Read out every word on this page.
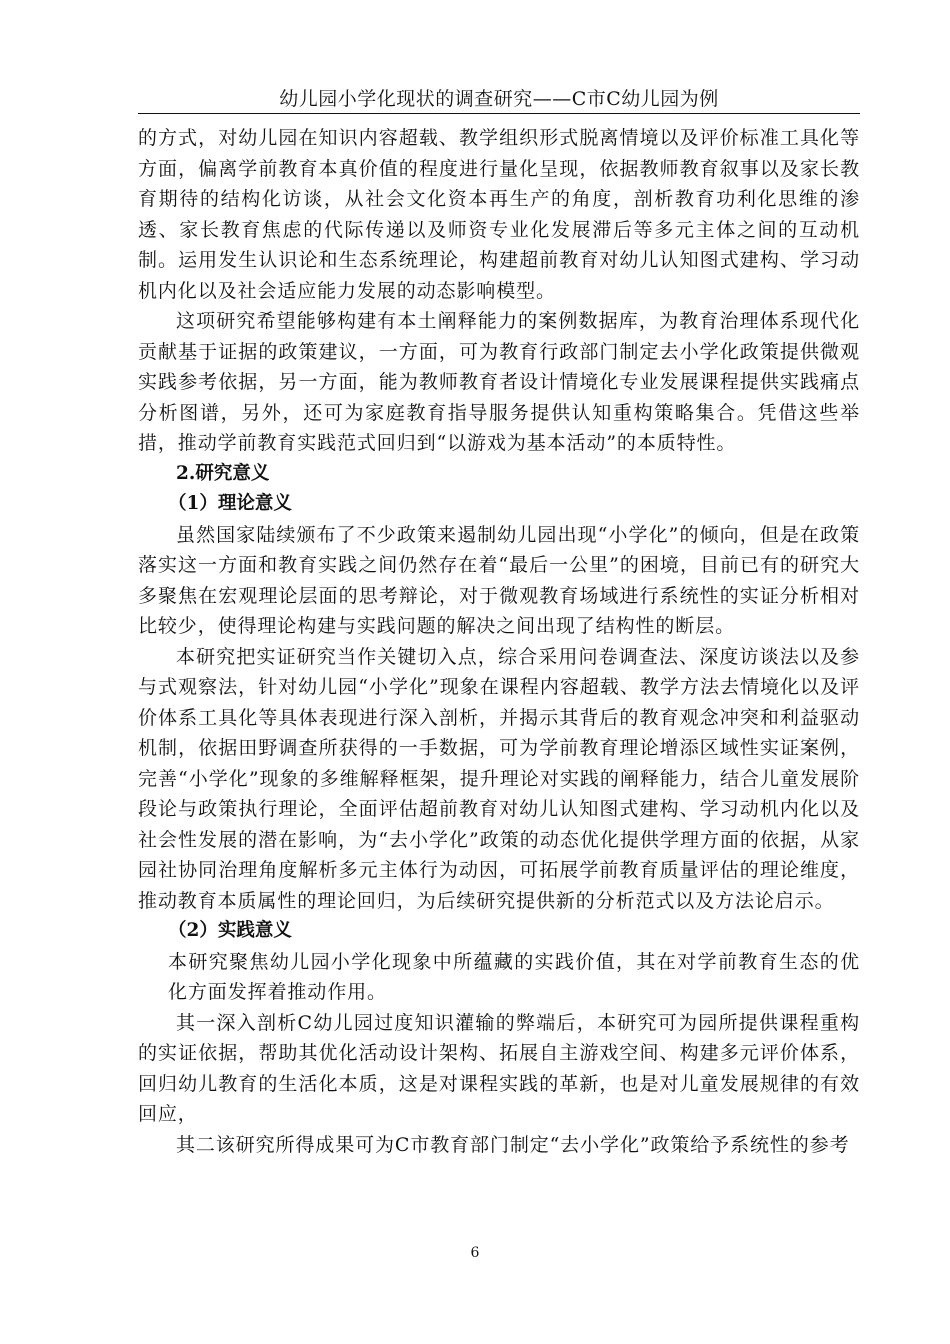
幼儿园小学化现状的调查研究——C市C幼儿园为例

的方式，对幼儿园在知识内容超载、教学组织形式脱离情境以及评价标准工具化等方面，偏离学前教育本真价值的程度进行量化呈现，依据教师教育叙事以及家长教育期待的结构化访谈，从社会文化资本再生产的角度，剖析教育功利化思维的渗透、家长教育焦虑的代际传递以及师资专业化发展滞后等多元主体之间的互动机制。运用发生认识论和生态系统理论，构建超前教育对幼儿认知图式建构、学习动机内化以及社会适应能力发展的动态影响模型。

这项研究希望能够构建有本土阐释能力的案例数据库，为教育治理体系现代化贡献基于证据的政策建议，一方面，可为教育行政部门制定去小学化政策提供微观实践参考依据，另一方面，能为教师教育者设计情境化专业发展课程提供实践痛点分析图谱，另外，还可为家庭教育指导服务提供认知重构策略集合。凭借这些举措，推动学前教育实践范式回归到“以游戏为基本活动”的本质特性。

2.研究意义

（1）理论意义

虽然国家陆续颁布了不少政策来遏制幼儿园出现“小学化”的倾向，但是在政策落实这一方面和教育实践之间仍然存在着“最后一公里”的困境，目前已有的研究大多聚焦在宏观理论层面的思考辩论，对于微观教育场域进行系统性的实证分析相对比较少，使得理论构建与实践问题的解决之间出现了结构性的断层。

本研究把实证研究当作关键切入点，综合采用问卷调查法、深度访谈法以及参与式观察法，针对幼儿园“小学化”现象在课程内容超载、教学方法去情境化以及评价体系工具化等具体表现进行深入剖析，并揭示其背后的教育观念冲突和利益驱动机制，依据田野调查所获得的一手数据，可为学前教育理论增添区域性实证案例，完善“小学化”现象的多维解释框架，提升理论对实践的阐释能力，结合儿童发展阶段论与政策执行理论，全面评估超前教育对幼儿认知图式建构、学习动机内化以及社会性发展的潜在影响，为“去小学化”政策的动态优化提供学理方面的依据，从家园社协同治理角度解析多元主体行为动因，可拓展学前教育质量评估的理论维度，推动教育本质属性的理论回归，为后续研究提供新的分析范式以及方法论启示。

（2）实践意义

本研究聚焦幼儿园小学化现象中所蕴藏的实践价值，其在对学前教育生态的优化方面发挥着推动作用。

其一深入剖析C幼儿园过度知识灌输的弊端后，本研究可为园所提供课程重构的实证依据，帮助其优化活动设计架构、拓展自主游戏空间、构建多元评价体系，回归幼儿教育的生活化本质，这是对课程实践的革新，也是对儿童发展规律的有效回应，

其二该研究所得成果可为C市教育部门制定“去小学化”政策给予系统性的参考

6
